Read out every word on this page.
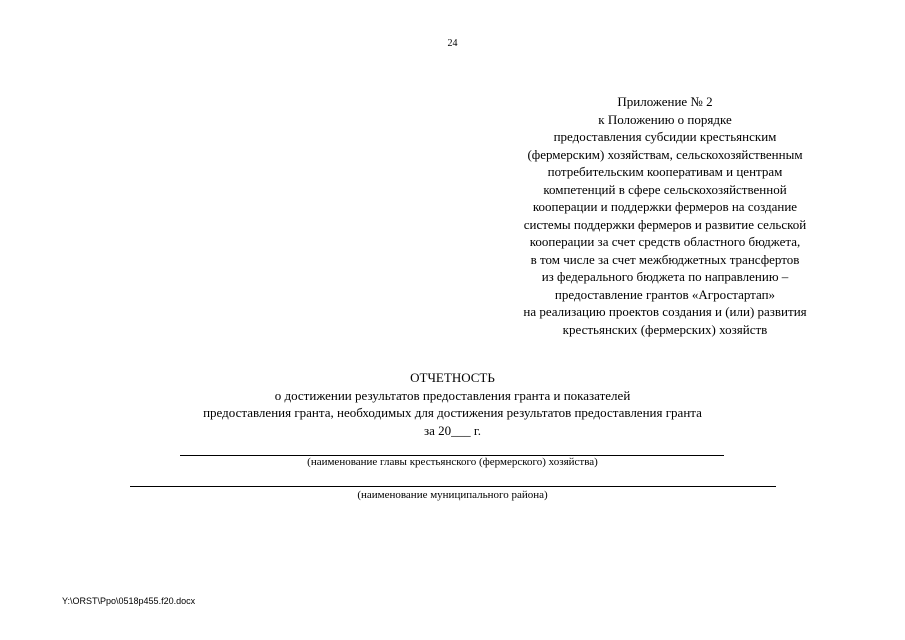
24
Приложение № 2
к Положению о порядке
предоставления субсидии крестьянским
(фермерским) хозяйствам, сельскохозяйственным
потребительским кооперативам и центрам
компетенций в сфере сельскохозяйственной
кооперации и поддержки фермеров на создание
системы поддержки фермеров и развитие сельской
кооперации за счет средств областного бюджета,
в том числе за счет межбюджетных трансфертов
из федерального бюджета по направлению –
предоставление грантов «Агростартап»
на реализацию проектов создания и (или) развития
крестьянских (фермерских) хозяйств
ОТЧЕТНОСТЬ
о достижении результатов предоставления гранта и показателей
предоставления гранта, необходимых для достижения результатов предоставления гранта
за 20___ г.
(наименование главы крестьянского (фермерского) хозяйства)
(наименование муниципального района)
Y:\ORST\Ppo\0518p455.f20.docx
